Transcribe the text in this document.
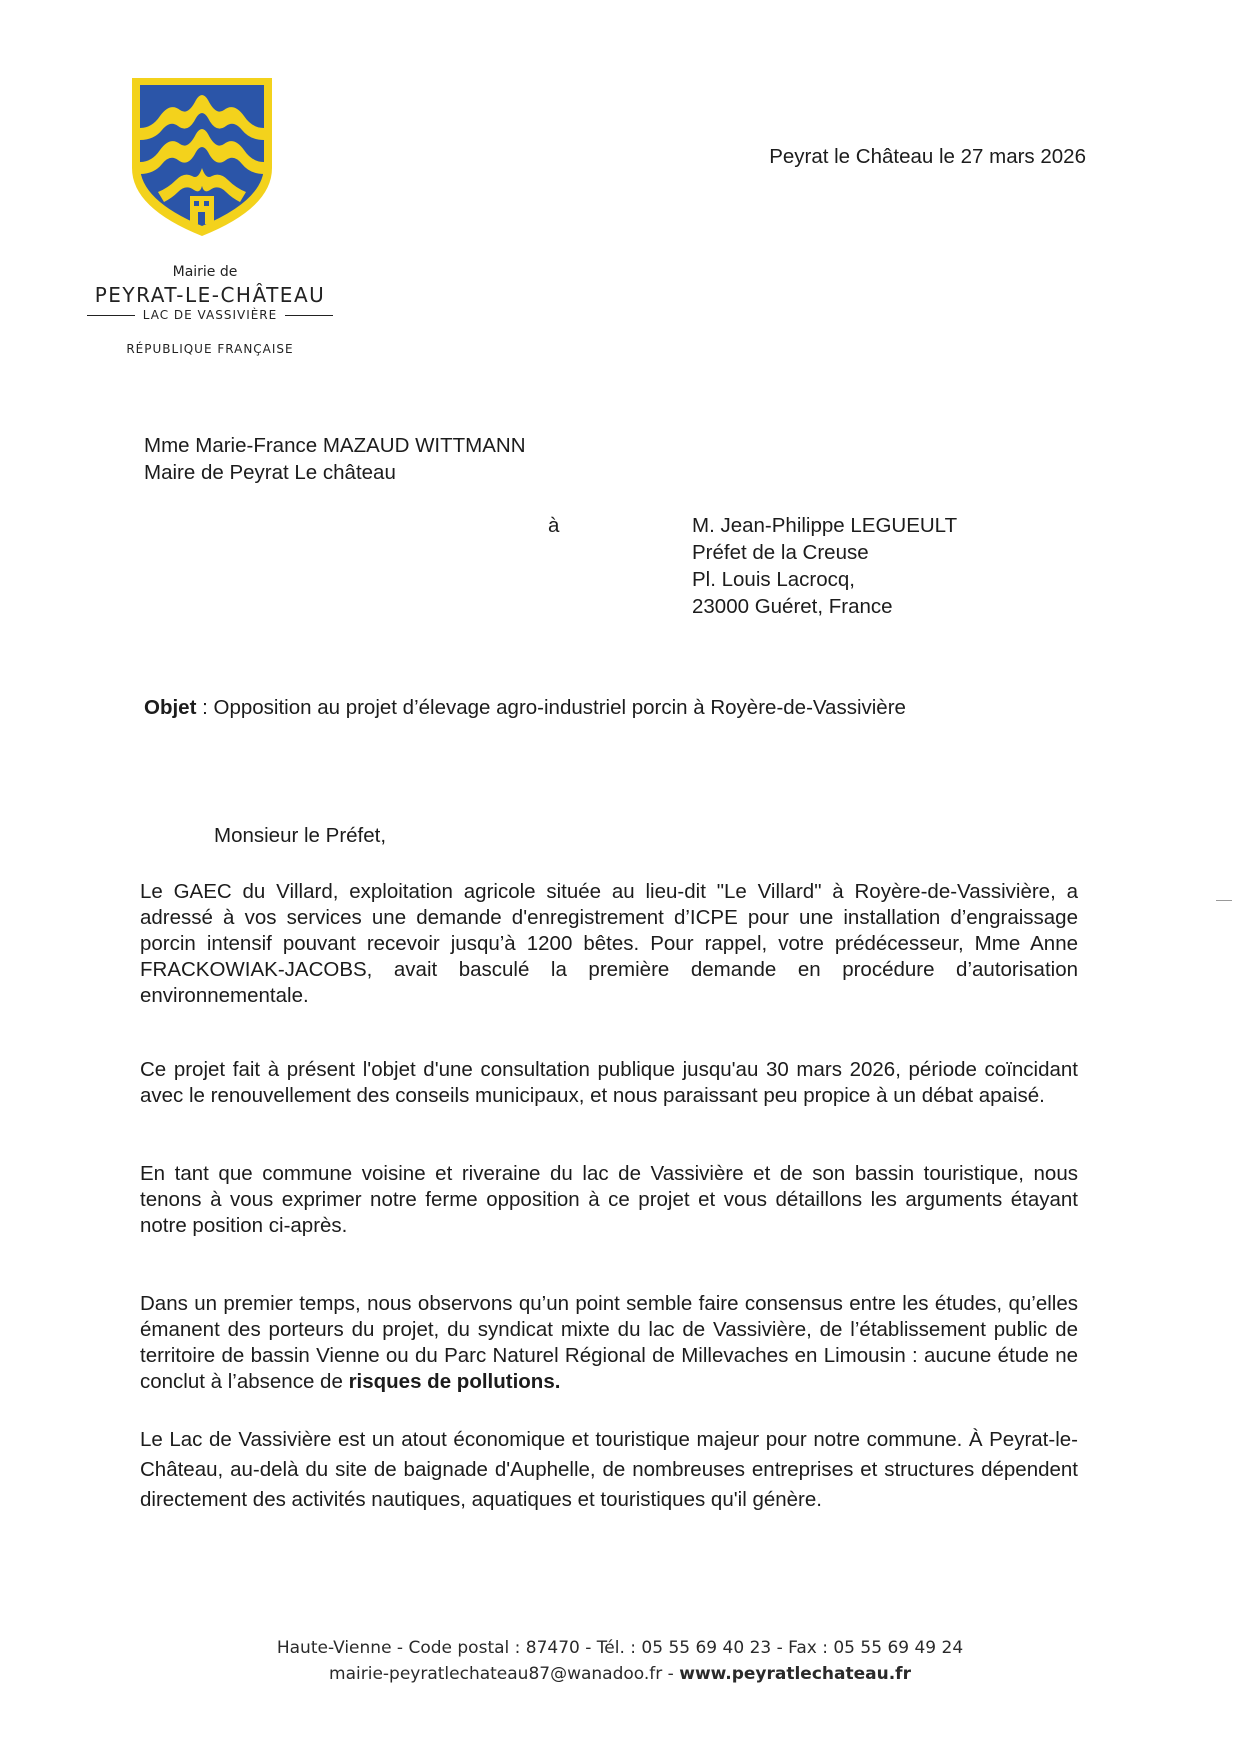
Mairie de
PEYRAT-LE-CHÂTEAU
LAC DE VASSIVIÈRE
RÉPUBLIQUE FRANÇAISE
Peyrat le Château le 27 mars 2026
Mme Marie-France MAZAUD WITTMANN
Maire de Peyrat Le château
à	M. Jean-Philippe LEGUEULT
Préfet de la Creuse
Pl. Louis Lacrocq,
23000 Guéret, France
Objet : Opposition au projet d’élevage agro-industriel porcin à Royère-de-Vassivière
Monsieur le Préfet,
Le GAEC du Villard, exploitation agricole située au lieu-dit "Le Villard" à Royère-de-Vassivière, a adressé à vos services une demande d'enregistrement d’ICPE pour une installation d’engraissage porcin intensif pouvant recevoir jusqu’à 1200 bêtes. Pour rappel, votre prédécesseur, Mme Anne FRACKOWIAK-JACOBS, avait basculé la première demande en procédure d’autorisation environnementale.
Ce projet fait à présent l'objet d'une consultation publique jusqu'au 30 mars 2026, période coïncidant avec le renouvellement des conseils municipaux, et nous paraissant peu propice à un débat apaisé.
En tant que commune voisine et riveraine du lac de Vassivière et de son bassin touristique, nous tenons à vous exprimer notre ferme opposition à ce projet et vous détaillons les arguments étayant notre position ci-après.
Dans un premier temps, nous observons qu’un point semble faire consensus entre les études, qu’elles émanent des porteurs du projet, du syndicat mixte du lac de Vassivière, de l’établissement public de territoire de bassin Vienne ou du Parc Naturel Régional de Millevaches en Limousin : aucune étude ne conclut à l’absence de risques de pollutions.
Le Lac de Vassivière est un atout économique et touristique majeur pour notre commune. À Peyrat-le-Château, au-delà du site de baignade d'Auphelle, de nombreuses entreprises et structures dépendent directement des activités nautiques, aquatiques et touristiques qu'il génère.
Haute-Vienne - Code postal : 87470 - Tél. : 05 55 69 40 23 - Fax : 05 55 69 49 24
mairie-peyratlechateau87@wanadoo.fr - www.peyratlechateau.fr
